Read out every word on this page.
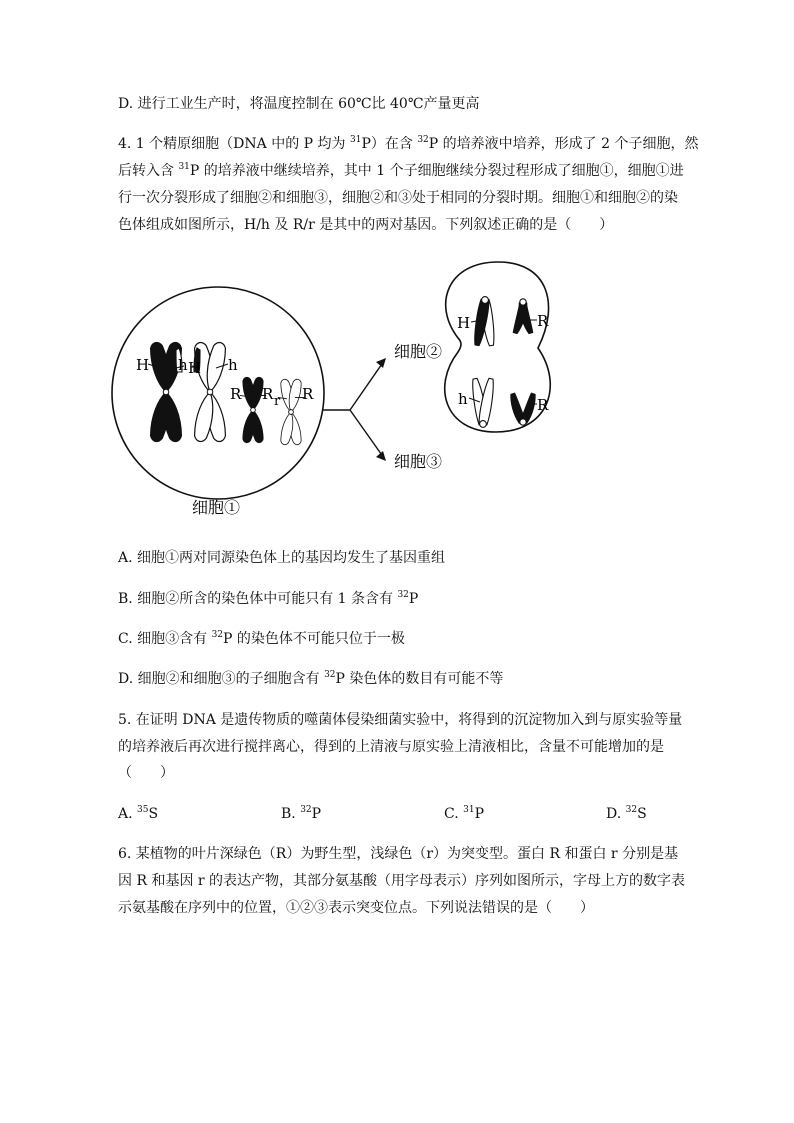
D. 进行工业生产时，将温度控制在 60℃比 40℃产量更高
4. 1 个精原细胞（DNA 中的 P 均为 $^{31}$P）在含 $^{32}$P 的培养液中培养，形成了 2 个子细胞，然
后转入含 $^{31}$P 的培养液中继续培养，其中 1 个子细胞继续分裂过程形成了细胞①，细胞①进
行一次分裂形成了细胞②和细胞③，细胞②和③处于相同的分裂时期。细胞①和细胞②的染
色体组成如图所示，H/h 及 R/r 是其中的两对基因。下列叙述正确的是（　　）
H h H h
R R r R
细胞①
细胞②
细胞③
H	R
h	R
A. 细胞①两对同源染色体上的基因均发生了基因重组
B. 细胞②所含的染色体中可能只有 1 条含有 $^{32}$P
C. 细胞③含有 $^{32}$P 的染色体不可能只位于一极
D. 细胞②和细胞③的子细胞含有 $^{32}$P 染色体的数目有可能不等
5. 在证明 DNA 是遗传物质的噬菌体侵染细菌实验中，将得到的沉淀物加入到与原实验等量
的培养液后再次进行搅拌离心，得到的上清液与原实验上清液相比，含量不可能增加的是
（　　）
A. $^{35}$S	B. $^{32}$P	C. $^{31}$P	D. $^{32}$S
6. 某植物的叶片深绿色（R）为野生型，浅绿色（r）为突变型。蛋白 R 和蛋白 r 分别是基
因 R 和基因 r 的表达产物，其部分氨基酸（用字母表示）序列如图所示，字母上方的数字表
示氨基酸在序列中的位置，①②③表示突变位点。下列说法错误的是（　　）
